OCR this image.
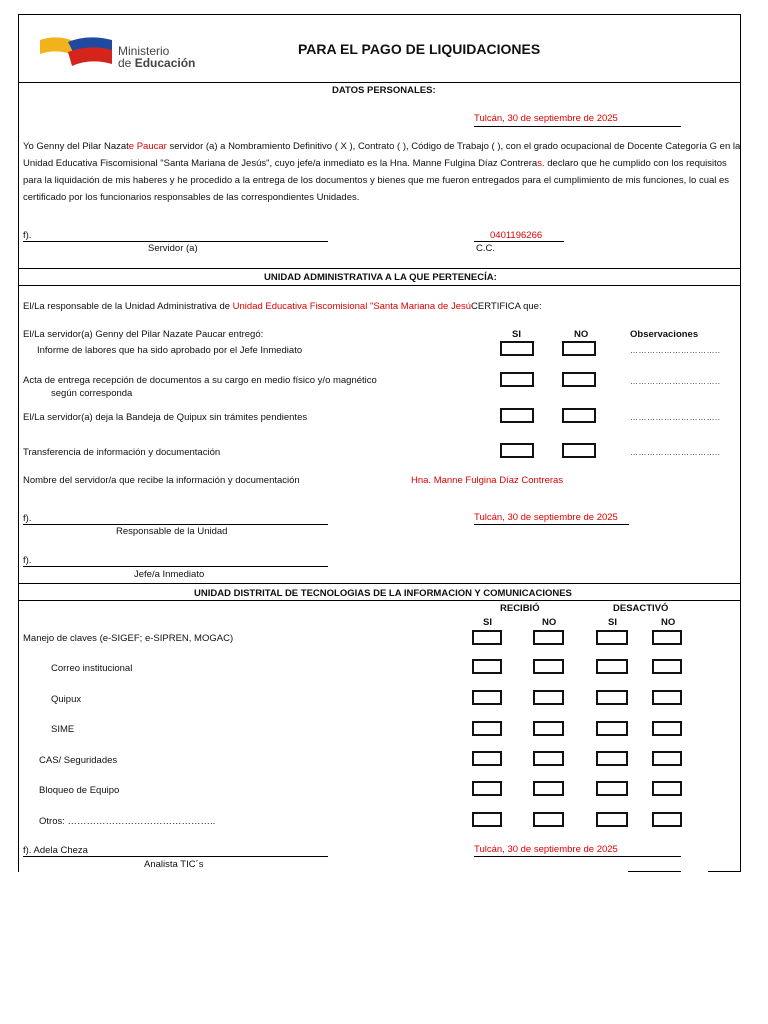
Ministerio
de Educación
PARA EL PAGO DE LIQUIDACIONES
DATOS PERSONALES:
Tulcán, 30 de septiembre de 2025
Yo Genny del Pilar Nazate Paucar servidor (a) a Nombramiento Definitivo ( X ), Contrato ( ), Código de Trabajo ( ), con el grado ocupacional de Docente Categoría G en la Unidad Educativa Fiscomisional "Santa Mariana de Jesús", cuyo jefe/a inmediato es la Hna. Manne Fulgina Díaz Contreras. declaro que he cumplido con los requisitos para la liquidación de mis haberes y he procedido a la entrega de los documentos y bienes que me fueron entregados para el cumplimiento de mis funciones, lo cual es certificado por los funcionarios responsables de las correspondientes Unidades.
f).	0401196266
Servidor (a)	C.C.
UNIDAD ADMINISTRATIVA A LA QUE PERTENECÍA:
El/La responsable de la Unidad Administrativa de Unidad Educativa Fiscomisional "Santa Mariana de JesúCERTIFICA que:
El/La servidor(a) Genny del Pilar Nazate Paucar entregó:	SI	NO	Observaciones
Informe de labores que ha sido aprobado por el Jefe Inmediato	…………………………..
Acta de entrega recepción de documentos a su cargo en medio físico y/o magnético
según corresponda
…………………………..
El/La servidor(a) deja la Bandeja de Quipux sin trámites pendientes	…………………………..
Transferencia de información y documentación	…………………………..
Nombre del servidor/a que recibe la información y documentación	Hna. Manne Fulgina Díaz Contreras
f).	Tulcán, 30 de septiembre de 2025
Responsable de la Unidad
f).
Jefe/a Inmediato
UNIDAD DISTRITAL DE TECNOLOGIAS DE LA INFORMACION Y COMUNICACIONES
RECIBIÓ	DESACTIVÓ
SI	NO	SI	NO
Manejo de claves (e-SIGEF; e-SIPREN, MOGAC)
Correo institucional
Quipux
SIME
CAS/ Seguridades
Bloqueo de Equipo
Otros: ………………………………………..
f). Adela Cheza	Tulcán, 30 de septiembre de 2025
Analista TIC´s
